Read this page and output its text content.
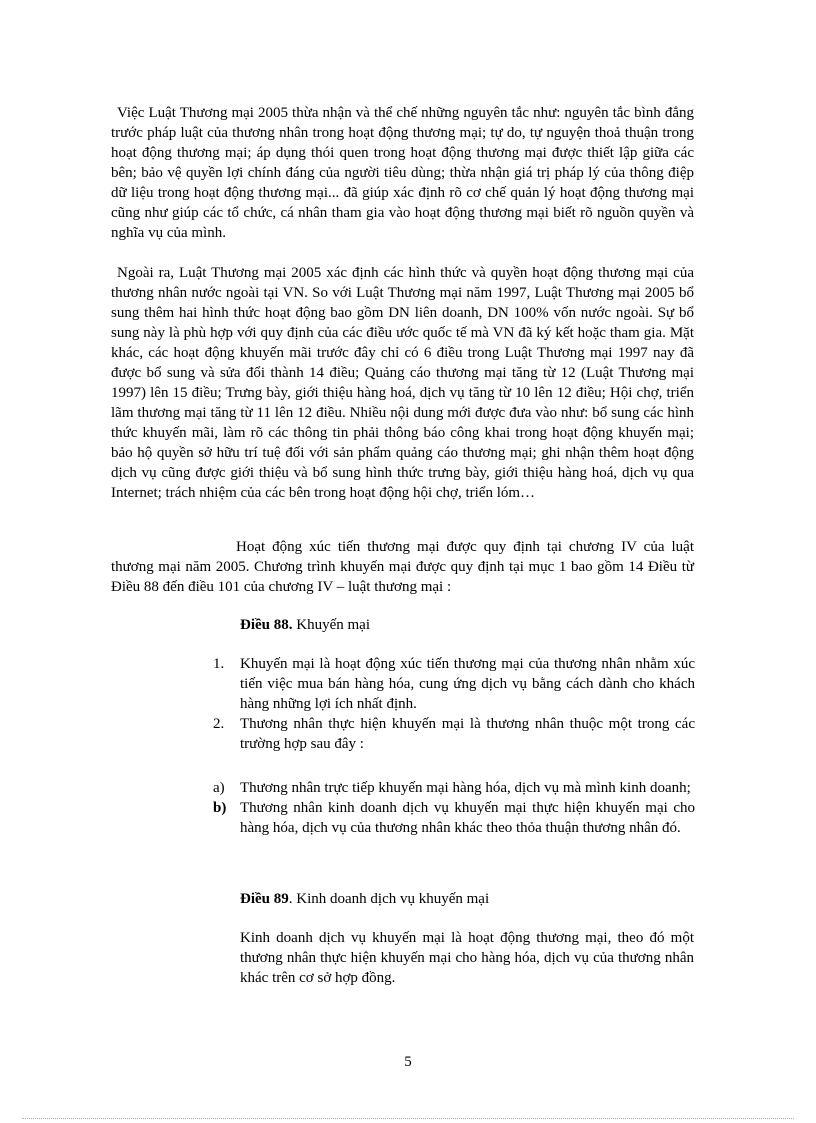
Việc Luật Thương mại 2005 thừa nhận và thể chế những nguyên tắc như: nguyên tắc bình đẳng trước pháp luật của thương nhân trong hoạt động thương mại; tự do, tự nguyện thoả thuận trong hoạt động thương mại; áp dụng thói quen trong hoạt động thương mại được thiết lập giữa các bên; bảo vệ quyền lợi chính đáng của người tiêu dùng; thừa nhận giá trị pháp lý của thông điệp dữ liệu trong hoạt động thương mại... đã giúp xác định rõ cơ chế quản lý hoạt động thương mại cũng như giúp các tổ chức, cá nhân tham gia vào hoạt động thương mại biết rõ nguồn quyền và nghĩa vụ của mình.

Ngoài ra, Luật Thương mại 2005 xác định các hình thức và quyền hoạt động thương mại của thương nhân nước ngoài tại VN. So với Luật Thương mại năm 1997, Luật Thương mại 2005 bổ sung thêm hai hình thức hoạt động bao gồm DN liên doanh, DN 100% vốn nước ngoài. Sự bổ sung này là phù hợp với quy định của các điều ước quốc tế mà VN đã ký kết hoặc tham gia. Mặt khác, các hoạt động khuyến mãi trước đây chỉ có 6 điều trong Luật Thương mại 1997 nay đã được bổ sung và sửa đổi thành 14 điều; Quảng cáo thương mại tăng từ 12 (Luật Thương mại 1997) lên 15 điều; Trưng bày, giới thiệu hàng hoá, dịch vụ tăng từ 10 lên 12 điều; Hội chợ, triển lãm thương mại tăng từ 11 lên 12 điều. Nhiều nội dung mới được đưa vào như: bổ sung các hình thức khuyến mãi, làm rõ các thông tin phải thông báo công khai trong hoạt động khuyến mại; bảo hộ quyền sở hữu trí tuệ đối với sản phẩm quảng cáo thương mại; ghi nhận thêm hoạt động dịch vụ cũng được giới thiệu và bổ sung hình thức trưng bày, giới thiệu hàng hoá, dịch vụ qua Internet; trách nhiệm của các bên trong hoạt động hội chợ, triển lóm…

Hoạt động xúc tiến thương mại được quy định tại chương IV của luật thương mại năm 2005. Chương trình khuyến mại được quy định tại mục 1 bao gồm 14 Điều từ Điều 88 đến điều 101 của chương IV – luật thương mại :

Điều 88. Khuyến mại

1.	Khuyến mại là hoạt động xúc tiến thương mại của thương nhân nhằm xúc tiến việc mua bán hàng hóa, cung ứng dịch vụ bằng cách dành cho khách hàng những lợi ích nhất định.
2.	Thương nhân thực hiện khuyến mại là thương nhân thuộc một trong các trường hợp sau đây :
a)	Thương nhân trực tiếp khuyến mại hàng hóa, dịch vụ mà mình kinh doanh;
b) Thương nhân kinh doanh dịch vụ khuyến mại thực hiện khuyến mại cho hàng hóa, dịch vụ của thương nhân khác theo thỏa thuận thương nhân đó.

Điều 89. Kinh doanh dịch vụ khuyến mại

Kinh doanh dịch vụ khuyến mại là hoạt động thương mại, theo đó một thương nhân thực hiện khuyến mại cho hàng hóa, dịch vụ của thương nhân khác trên cơ sở hợp đồng.

5
